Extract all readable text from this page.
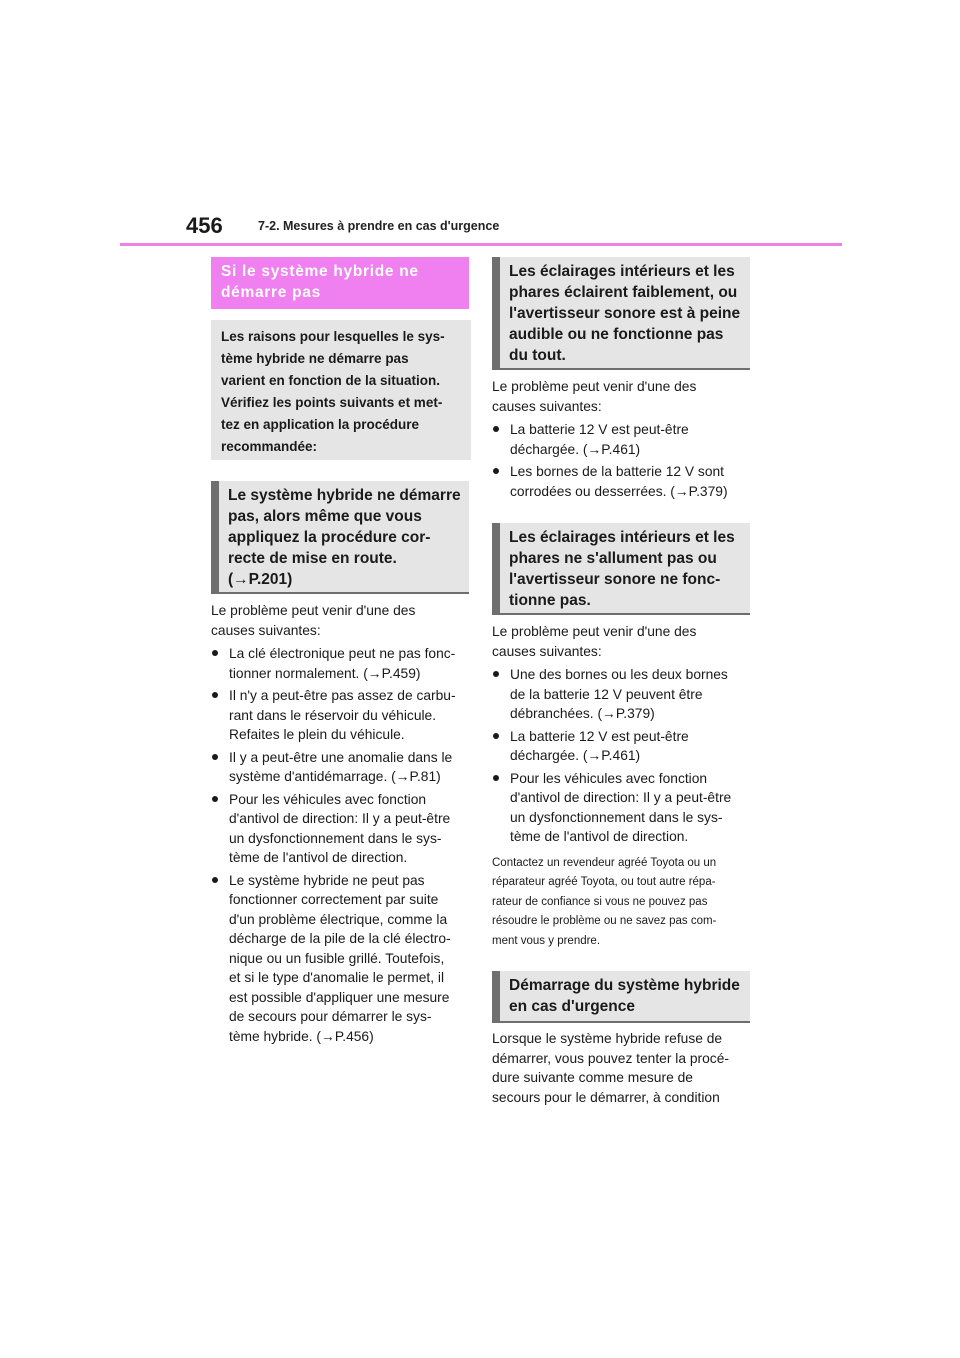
456	7-2. Mesures à prendre en cas d'urgence
Si le système hybride ne
démarre pas

Les raisons pour lesquelles le sys-

tème hybride ne démarre pas

varient en fonction de la situation.

Vérifiez les points suivants et met-

tez en application la procédure

recommandée:

Le système hybride ne démarre
pas, alors même que vous
appliquez la procédure cor-
recte de mise en route.
(→P.201)
Le problème peut venir d'une des
causes suivantes:
La clé électronique peut ne pas fonc-
tionner normalement. (→P.459)
Il n'y a peut-être pas assez de carbu-
rant dans le réservoir du véhicule.
Refaites le plein du véhicule.
Il y a peut-être une anomalie dans le
système d'antidémarrage. (→P.81)
Pour les véhicules avec fonction
d'antivol de direction: Il y a peut-être
un dysfonctionnement dans le sys-
tème de l'antivol de direction.
Le système hybride ne peut pas
fonctionner correctement par suite
d'un problème électrique, comme la
décharge de la pile de la clé électro-
nique ou un fusible grillé. Toutefois,
et si le type d'anomalie le permet, il
est possible d'appliquer une mesure
de secours pour démarrer le sys-
tème hybride. (→P.456)
Les éclairages intérieurs et les
phares éclairent faiblement, ou
l'avertisseur sonore est à peine
audible ou ne fonctionne pas
du tout.
Le problème peut venir d'une des
causes suivantes:
La batterie 12 V est peut-être
déchargée. (→P.461)
Les bornes de la batterie 12 V sont
corrodées ou desserrées. (→P.379)
Les éclairages intérieurs et les
phares ne s'allument pas ou
l'avertisseur sonore ne fonc-
tionne pas.
Le problème peut venir d'une des
causes suivantes:
Une des bornes ou les deux bornes
de la batterie 12 V peuvent être
débranchées. (→P.379)
La batterie 12 V est peut-être
déchargée. (→P.461)
Pour les véhicules avec fonction
d'antivol de direction: Il y a peut-être
un dysfonctionnement dans le sys-
tème de l'antivol de direction.
Contactez un revendeur agréé Toyota ou un
réparateur agréé Toyota, ou tout autre répa-
rateur de confiance si vous ne pouvez pas
résoudre le problème ou ne savez pas com-
ment vous y prendre.
Démarrage du système hybride
en cas d'urgence
Lorsque le système hybride refuse de
démarrer, vous pouvez tenter la procé-
dure suivante comme mesure de
secours pour le démarrer, à condition
